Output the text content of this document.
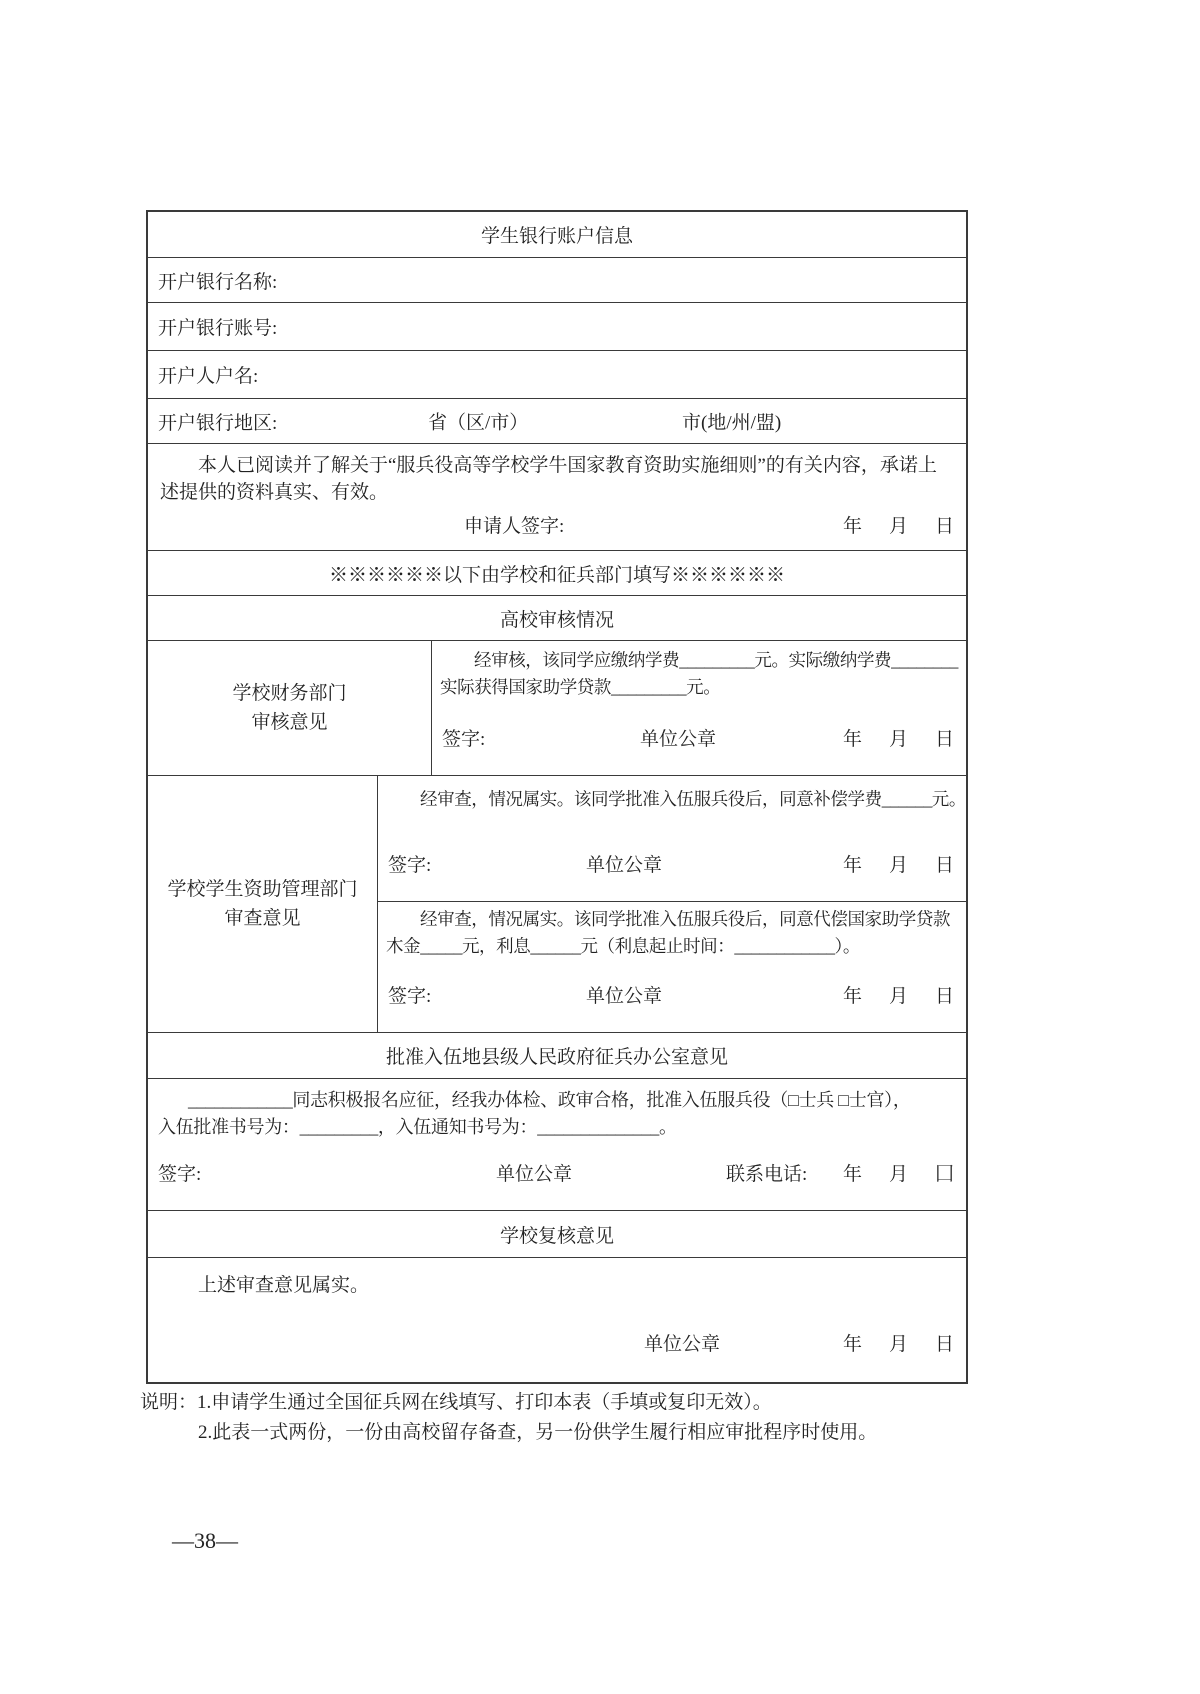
学生银行账户信息
开户银行名称:
开户银行账号:
开户人户名:
开户银行地区:	省（区/市）	市(地/州/盟)

本人已阅读并了解关于“服兵役高等学校学牛国家教育资助实施细则”的有关内容，承诺上述提供的资料真实、有效。

申请人签字:	年 月 日
※※※※※※以下由学校和征兵部门填写※※※※※※
高校审核情况
学校财务部门
审核意见
经审核，该同学应缴纳学费_________元。实际缴纳学费________
实际获得国家助学贷款_________元。
签字:	单位公章	年 月 日
学校学生资助管理部门
审查意见
经审查，情况属实。该同学批准入伍服兵役后，同意补偿学费______元。
签字:	单位公章	年 月 日
经审查，情况属实。该同学批准入伍服兵役后，同意代偿国家助学贷款
木金_____元，利息______元（利息起止时间：____________）。
签字:	单位公章	年 月 日
批准入伍地县级人民政府征兵办公室意见
____________同志积极报名应征，经我办体检、政审合格，批准入伍服兵役（□士兵 □士官），
入伍批准书号为：_________，入伍通知书号为：______________。
签字:	单位公章	联系电话: 年 月 囗
学校复核意见

上述审查意见属实。

单位公章	年 月 日
说明：1.申请学生通过全国征兵网在线填写、打印本表（手填或复印无效）。
2.此表一式两份，一份由高校留存备查，另一份供学生履行相应审批程序时使用。
—38—
